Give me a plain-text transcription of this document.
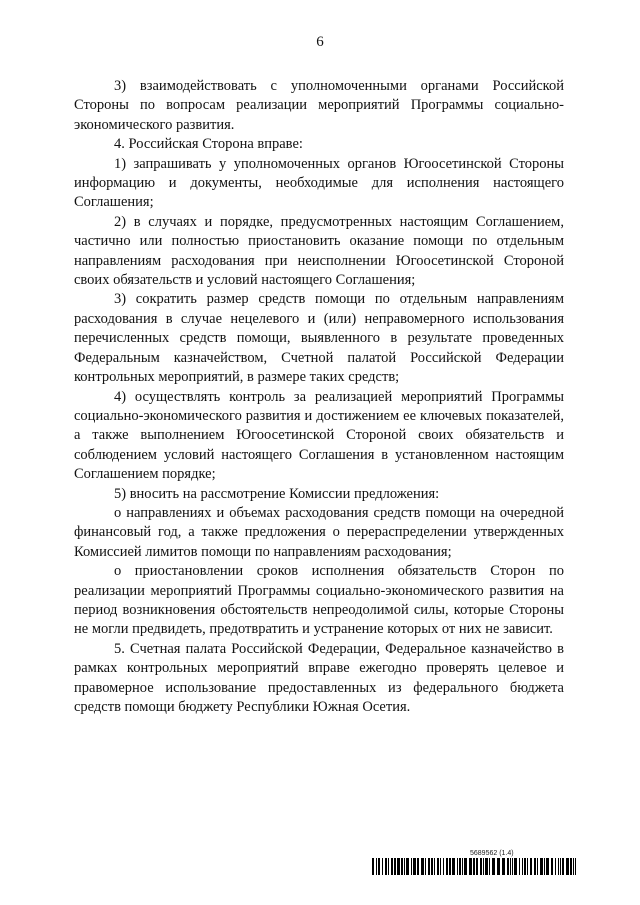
6

3) взаимодействовать с уполномоченными органами Российской Стороны по вопросам реализации мероприятий Программы социально-экономического развития.

4. Российская Сторона вправе:

1) запрашивать у уполномоченных органов Югоосетинской Стороны информацию и документы, необходимые для исполнения настоящего Соглашения;

2) в случаях и порядке, предусмотренных настоящим Соглашением, частично или полностью приостановить оказание помощи по отдельным направлениям расходования при неисполнении Югоосетинской Стороной своих обязательств и условий настоящего Соглашения;

3) сократить размер средств помощи по отдельным направлениям расходования в случае нецелевого и (или) неправомерного использования перечисленных средств помощи, выявленного в результате проведенных Федеральным казначейством, Счетной палатой Российской Федерации контрольных мероприятий, в размере таких средств;

4) осуществлять контроль за реализацией мероприятий Программы социально-экономического развития и достижением ее ключевых показателей, а также выполнением Югоосетинской Стороной своих обязательств и соблюдением условий настоящего Соглашения в установленном настоящим Соглашением порядке;

5) вносить на рассмотрение Комиссии предложения:

о направлениях и объемах расходования средств помощи на очередной финансовый год, а также предложения о перераспределении утвержденных Комиссией лимитов помощи по направлениям расходования;

о приостановлении сроков исполнения обязательств Сторон по реализации мероприятий Программы социально-экономического развития на период возникновения обстоятельств непреодолимой силы, которые Стороны не могли предвидеть, предотвратить и устранение которых от них не зависит.

5. Счетная палата Российской Федерации, Федеральное казначейство в рамках контрольных мероприятий вправе ежегодно проверять целевое и правомерное использование предоставленных из федерального бюджета средств помощи бюджету Республики Южная Осетия.

5689562 (1.4)
